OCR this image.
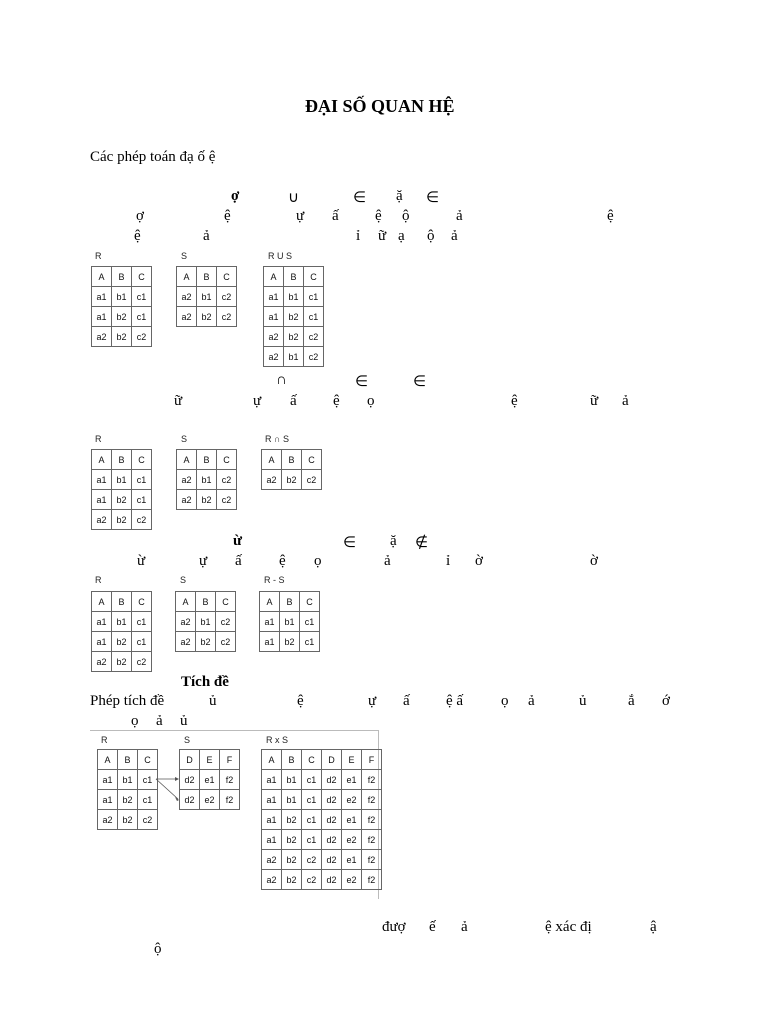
ĐẠI SỐ QUAN HỆ
Các phép toán đạ ố ệ
ợ	∪	∈ ặ ∈
ợ	ệ	ự ấ ệ ộ	ả	ệ
ệ	ả	ỉ ữ ạ ộ ả
R
A	B	C
a1	b1	c1
a1	b2	c1
a2	b2	c2
S
A	B	C
a2	b1	c2
a2	b2	c2
R U S
A	B	C
a1	b1	c1
a1	b2	c1
a2	b2	c2
a2	b1	c2
∩	∈	∈
ữ	ự ấ ệ ọ	ệ	ữ ả
R
A	B	C
a1	b1	c1
a1	b2	c1
a2	b2	c2
S
A	B	C
a2	b1	c2
a2	b2	c2
R ∩ S
A	B	C
a2	b2	c2
ừ	∈ ặ ∉
ừ	ự ấ ệ ọ	ả	ỉ ờ	ờ
R
A	B	C
a1	b1	c1
a1	b2	c1
a2	b2	c2
S
A	B	C
a2	b1	c2
a2	b2	c2
R - S
A	B	C
a1	b1	c1
a1	b2	c1
Tích đề
Phép tích đề	ủ	ệ	ự ấ ệ ấ	ọ ả	ủ	ắ ớ
ọ ả ủ
R
A	B	C
a1	b1	c1
a1	b2	c1
a2	b2	c2
S
D	E	F
d2	e1	f2
d2	e2	f2
R x S
A	B	C	D	E	F
a1	b1	c1	d2	e1	f2
a1	b1	c1	d2	e2	f2
a1	b2	c1	d2	e1	f2
a1	b2	c1	d2	e2	f2
a2	b2	c2	d2	e1	f2
a2	b2	c2	d2	e2	f2
đượ ế ả	ệ xác đị	ậ
ộ
